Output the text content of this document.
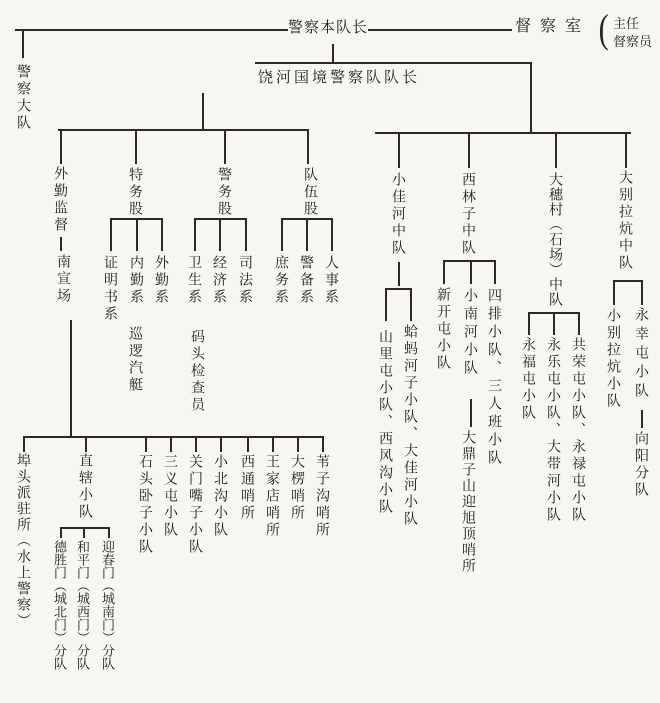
警察本队长	督察室 ( 主任
督察员
警察大队	饶河国境警察队队长
外勤监督
南宣场
特务股
证明书系 内勤系 外勤系
巡逻汽艇
警务股
卫生系 经济系 司法系
码头检查员
队伍股
庶务系 警备系 人事系
小佳河中队
蛤蚂河子小队、大佳河小队
山里屯小队、西风沟小队
西林子中队
四排小队、三人班小队
小南河小队
大鼎子山迎旭顶哨所
新开屯小队
大穗村（石场）中队
共荣屯小队、永禄屯小队
永乐屯小队、大带河小队
永福屯小队
大别拉炕中队
永幸屯小队
向阳分队
小别拉炕小队
埠头派驻所（水上警察）	直辖小队	石头卧子小队 三义屯小队 关门嘴子小队 小北沟小队 西通哨所 王家店哨所 大楞哨所 苇子沟哨所
迎春门（城南门）分队
和平门（城西门）分队
德胜门（城北门）分队
